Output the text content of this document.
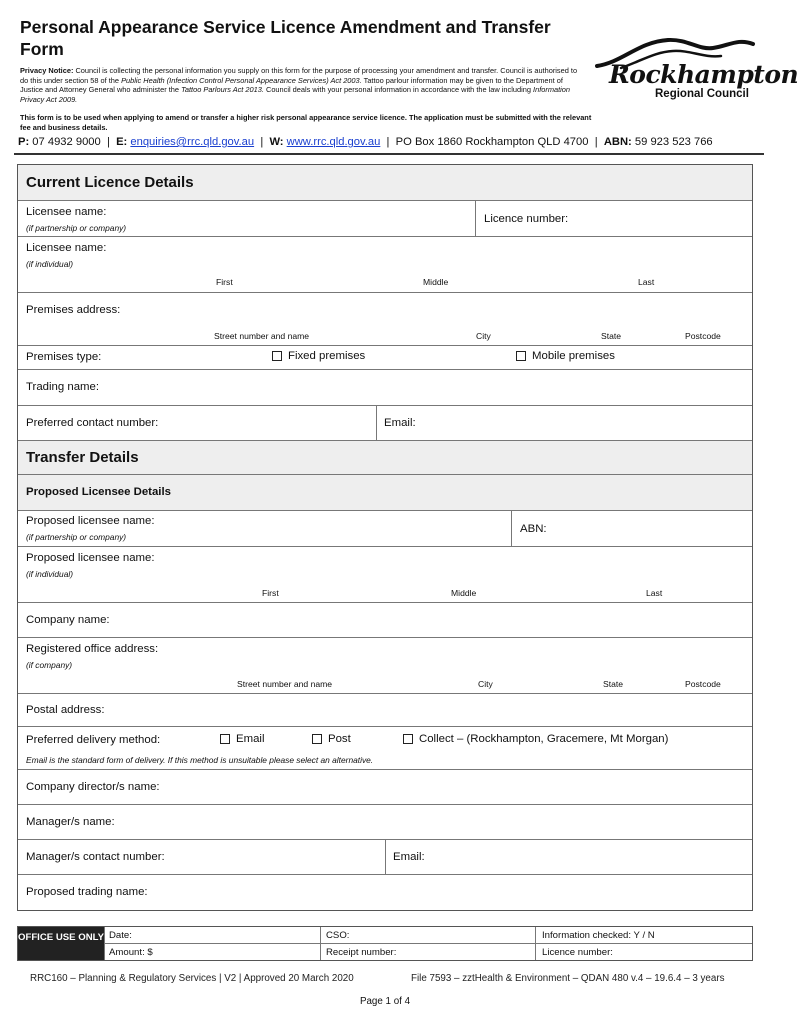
Personal Appearance Service Licence Amendment and Transfer Form
Privacy Notice: Council is collecting the personal information you supply on this form for the purpose of processing your amendment and transfer. Council is authorised to do this under section 58 of the Public Health (Infection Control Personal Appearance Services) Act 2003. Tattoo parlour information may be given to the Department of Justice and Attorney General who administer the Tattoo Parlours Act 2013. Council deals with your personal information in accordance with the law including Information Privacy Act 2009.
This form is to be used when applying to amend or transfer a higher risk personal appearance service licence. The application must be submitted with the relevant fee and business details.
Rockhampton
Regional Council
P: 07 4932 9000 | E: enquiries@rrc.qld.gov.au | W: www.rrc.qld.gov.au | PO Box 1860 Rockhampton QLD 4700 | ABN: 59 923 523 766
Current Licence Details
Licensee name:
(if partnership or company)
Licence number:
Licensee name:
(if individual)
First	Middle	Last
Premises address:
Street number and name	City	State	Postcode
Premises type:	Fixed premises	Mobile premises
Trading name:
Preferred contact number:	Email:
Transfer Details
Proposed Licensee Details
Proposed licensee name:
(if partnership or company)
ABN:
Proposed licensee name:
(if individual)
First	Middle	Last
Company name:
Registered office address:
(if company)
Street number and name	City	State	Postcode
Postal address:
Preferred delivery method:	Email	Post	Collect – (Rockhampton, Gracemere, Mt Morgan)
Email is the standard form of delivery. If this method is unsuitable please select an alternative.
Company director/s name:
Manager/s name:
Manager/s contact number:	Email:
Proposed trading name:
OFFICE USE ONLY Date:	CSO:	Information checked: Y / N
Amount: $	Receipt number:	Licence number:
RRC160 – Planning & Regulatory Services | V2 | Approved 20 March 2020	File 7593 – zztHealth & Environment – QDAN 480 v.4 – 19.6.4 – 3 years
Page 1 of 4
